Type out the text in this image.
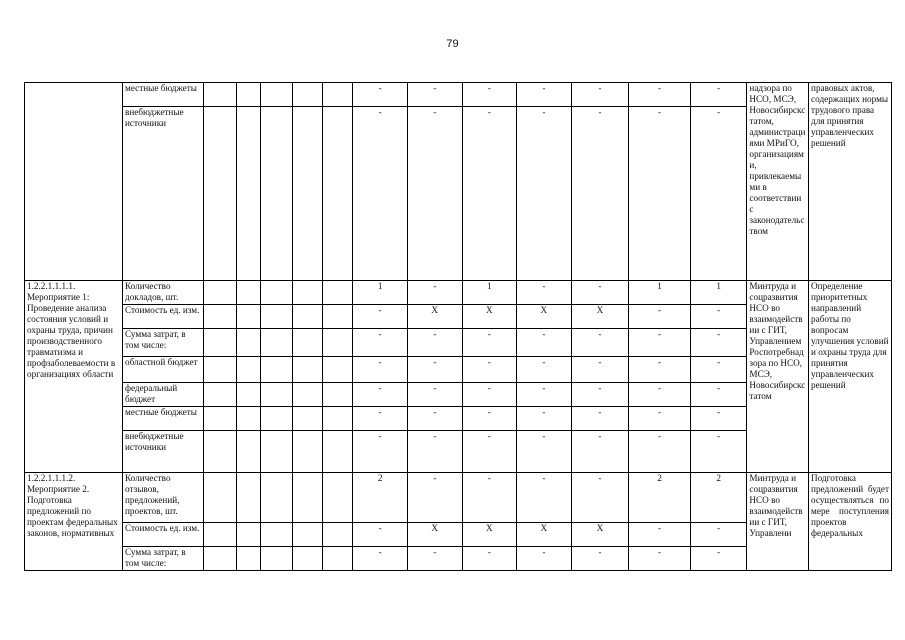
79
	местные бюджеты						-	-	-	-	-	-	-	надзора по НСО, МСЭ, Новосибирскстатом, администрациями МРиГО, организациями, привлекаемыми в соответствии с законодательством	правовых актов, содержащих нормы трудового права для принятия управленческих решений
	внебюджетные источники						-	-	-	-	-	-	-		
1.2.2.1.1.1.1. Мероприятие 1: Проведение анализа состояния условий и охраны труда, причин производственного травматизма и профзаболеваемости в организациях области	Количество докладов, шт.						1	-	1	-	-	1	1	Минтруда и соцразвития НСО во взаимодействии с ГИТ, Управлением Роспотребнадзора по НСО, МСЭ, Новосибирскстатом	Определение приоритетных направлений работы по вопросам улучшения условий и охраны труда для принятия управленческих решений
	Стоимость ед. изм.						-	X	X	X	X	-	-		
	Сумма затрат, в том числе:						-	-	-	-	-	-	-		
	областной бюджет						-	-	-	-	-	-	-		
	федеральный бюджет						-	-	-	-	-	-	-		
	местные бюджеты						-	-	-	-	-	-	-		
	внебюджетные источники						-	-	-	-	-	-	-		
1.2.2.1.1.1.2. Мероприятие 2. Подготовка предложений по проектам федеральных законов, нормативных	Количество отзывов, предложений, проектов, шт.						2	-	-	-	-	2	2	Минтруда и соцразвития НСО во взаимодействии с ГИТ, Управлени	Подготовка предложений будет осуществляться по мере поступления проектов федеральных
	Стоимость ед. изм.						-	X	X	X	X	-	-		
	Сумма затрат, в том числе:						-	-	-	-	-	-	-		
